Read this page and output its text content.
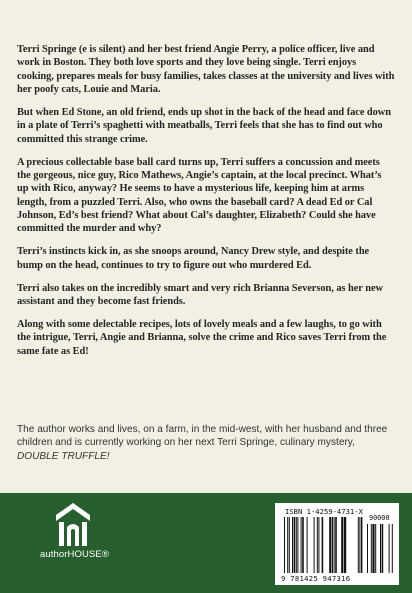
Terri Springe (e is silent) and her best friend Angie Perry, a police officer, live and work in Boston. They both love sports and they love being single. Terri enjoys cooking, prepares meals for busy families, takes classes at the university and lives with her poofy cats, Louie and Maria.

But when Ed Stone, an old friend, ends up shot in the back of the head and face down in a plate of Terri’s spaghetti with meatballs, Terri feels that she has to find out who committed this strange crime.

A precious collectable base ball card turns up, Terri suffers a concussion and meets the gorgeous, nice guy, Rico Mathews, Angie’s captain, at the local precinct. What’s up with Rico, anyway? He seems to have a mysterious life, keeping him at arms length, from a puzzled Terri. Also, who owns the baseball card? A dead Ed or Cal Johnson, Ed’s best friend? What about Cal’s daughter, Elizabeth? Could she have committed the murder and why?

Terri’s instincts kick in, as she snoops around, Nancy Drew style, and despite the bump on the head, continues to try to figure out who murdered Ed.

Terri also takes on the incredibly smart and very rich Brianna Severson, as her new assistant and they become fast friends.

Along with some delectable recipes, lots of lovely meals and a few laughs, to go with the intrigue, Terri, Angie and Brianna, solve the crime and Rico saves Terri from the same fate as Ed!

The author works and lives, on a farm, in the mid-west, with her husband and three children and is currently working on her next Terri Springe, culinary mystery, DOUBLE TRUFFLE!

authorHOUSE®
ISBN 1-4259-4731-X
90000
9 781425 947316
